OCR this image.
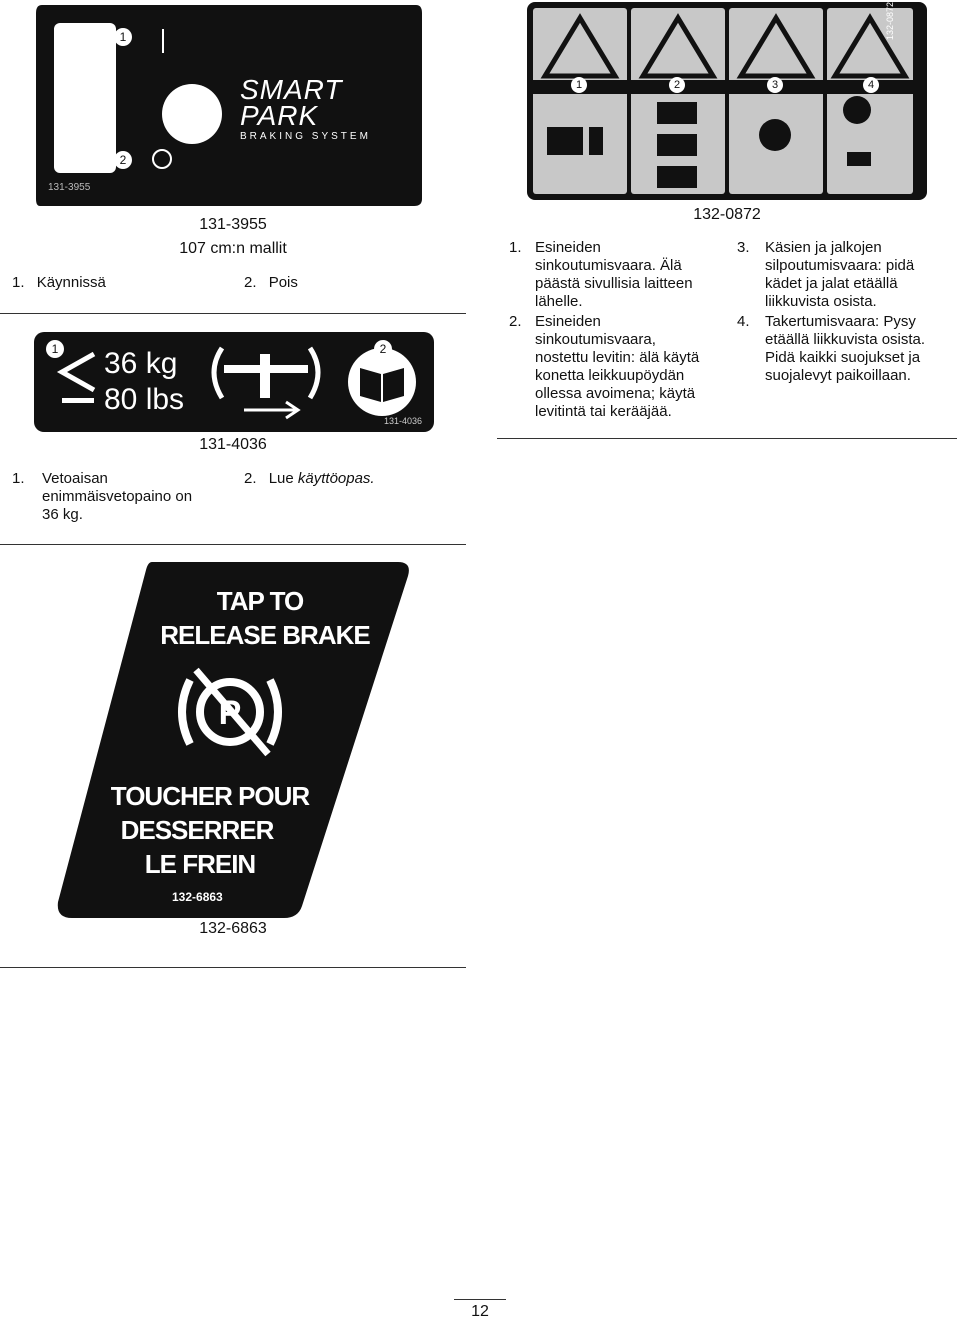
1
2
SMART
PARK
BRAKING SYSTEM
131-3955
131-3955
107 cm:n mallit
1. Käynnissä	2. Pois
1	2
36 kg
80 lbs
131-4036
131-4036
1. Vetoaisan enimmäisvetopaino on 36 kg.
2. Lue käyttöopas.
1	2	3	4
132-0872
132-0872
1. Esineiden sinkoutumisvaara. Älä päästä sivullisia laitteen lähelle.
2. Esineiden sinkoutumisvaara, nostettu levitin: älä käytä konetta leikkuupöydän ollessa avoimena; käytä levitintä tai kerääjää.
3. Käsien ja jalkojen silpoutumisvaara: pidä kädet ja jalat etäällä liikkuvista osista.
4. Takertumisvaara: Pysy etäällä liikkuvista osista. Pidä kaikki suojukset ja suojalevyt paikoillaan.
P
TAP TO
RELEASE BRAKE
TOUCHER POUR
DESSERRER
LE FREIN
132-6863
132-6863
12
